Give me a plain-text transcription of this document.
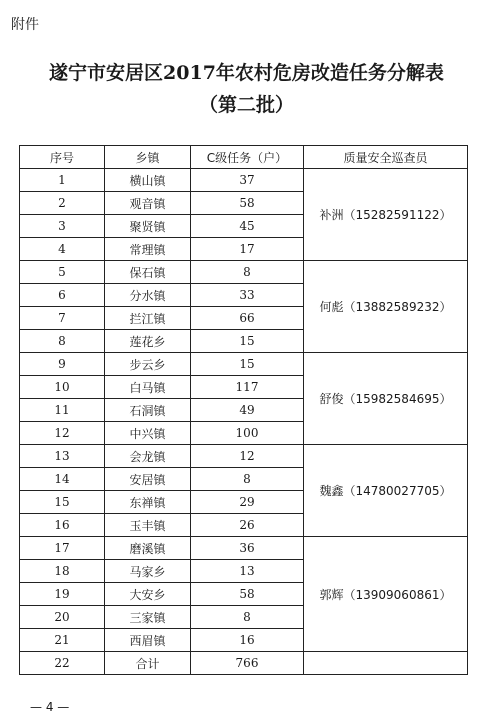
附件
遂宁市安居区2017年农村危房改造任务分解表
（第二批）
序号	乡镇	C级任务（户）	质量安全巡查员
1	横山镇	37	补洲（15282591122）
2	观音镇	58	
3	聚贤镇	45	
4	常理镇	17	
5	保石镇	8	何彪（13882589232）
6	分水镇	33	
7	拦江镇	66	
8	莲花乡	15	
9	步云乡	15	舒俊（15982584695）
10	白马镇	117	
11	石洞镇	49	
12	中兴镇	100	
13	会龙镇	12	魏鑫（14780027705）
14	安居镇	8	
15	东禅镇	29	
16	玉丰镇	26	
17	磨溪镇	36	郭辉（13909060861）
18	马家乡	13	
19	大安乡	58	
20	三家镇	8	
21	西眉镇	16	
22	合计	766	
— 4 —
